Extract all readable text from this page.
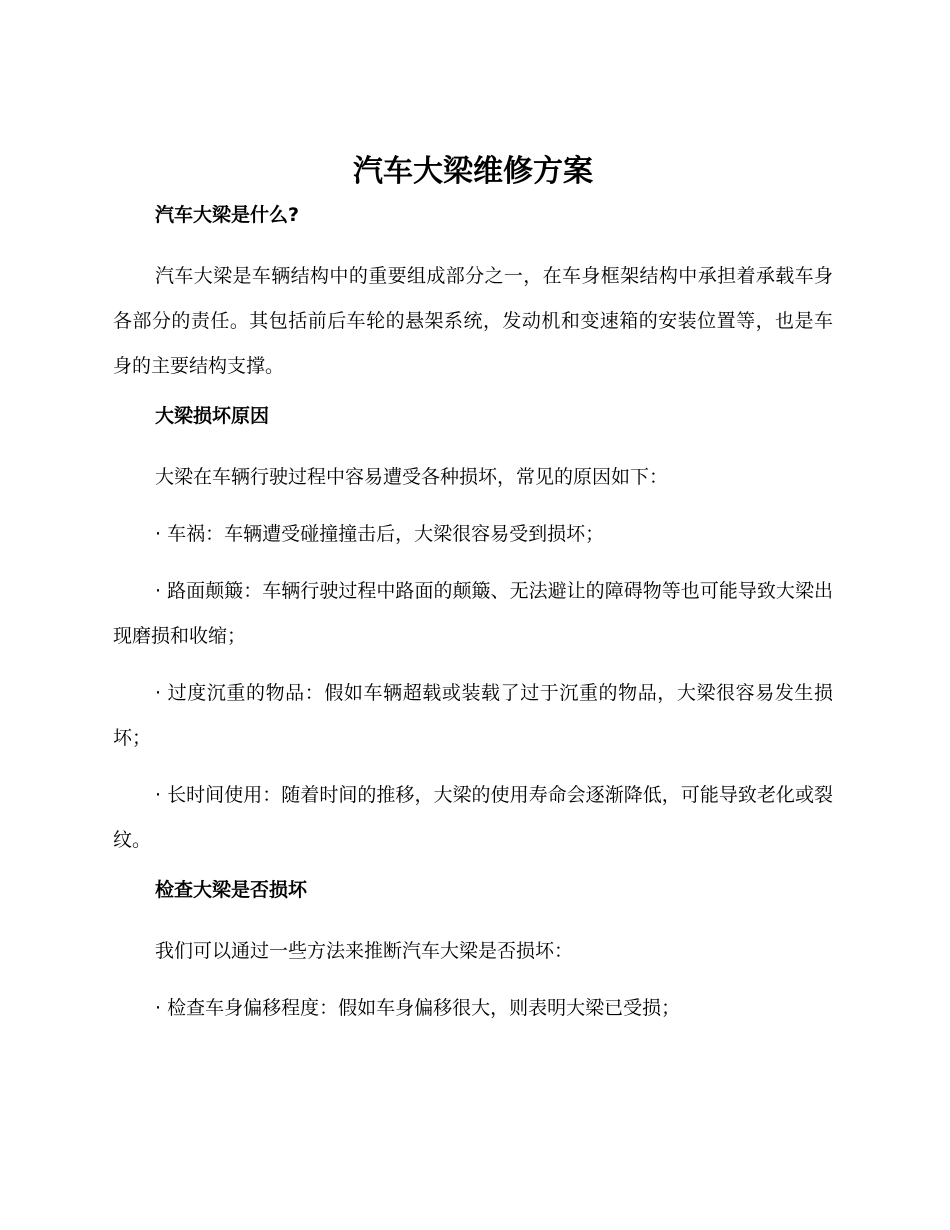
汽车大梁维修方案
汽车大梁是什么?

汽车大梁是车辆结构中的重要组成部分之一，在车身框架结构中承担着承载车身各部分的责任。其包括前后车轮的悬架系统，发动机和变速箱的安装位置等，也是车身的主要结构支撑。

大梁损坏原因

大梁在车辆行驶过程中容易遭受各种损坏，常见的原因如下：

· 车祸：车辆遭受碰撞撞击后，大梁很容易受到损坏；

· 路面颠簸：车辆行驶过程中路面的颠簸、无法避让的障碍物等也可能导致大梁出现磨损和收缩；

· 过度沉重的物品：假如车辆超载或装载了过于沉重的物品，大梁很容易发生损坏；

· 长时间使用：随着时间的推移，大梁的使用寿命会逐渐降低，可能导致老化或裂纹。

检查大梁是否损坏

我们可以通过一些方法来推断汽车大梁是否损坏：

· 检查车身偏移程度：假如车身偏移很大，则表明大梁已受损；
